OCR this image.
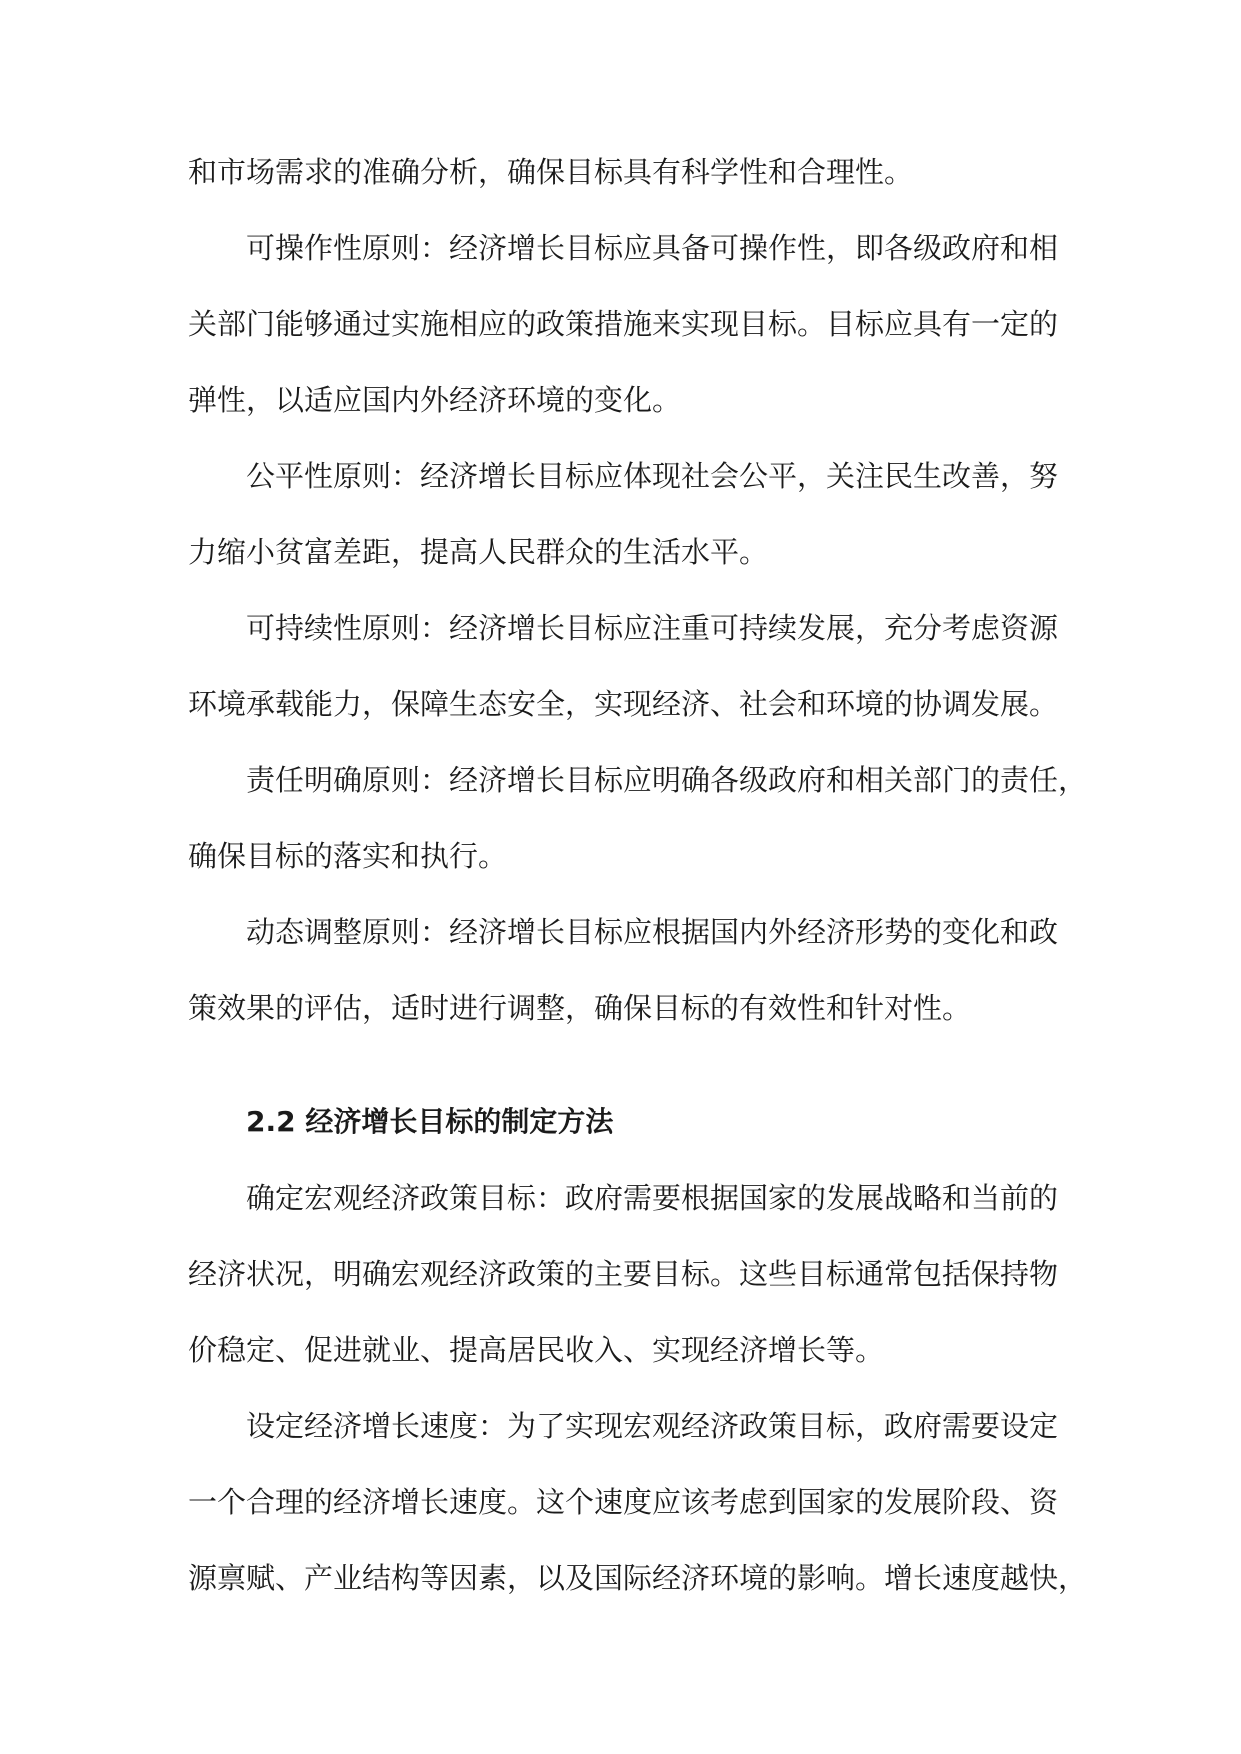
和市场需求的准确分析，确保目标具有科学性和合理性。
可操作性原则：经济增长目标应具备可操作性，即各级政府和相
关部门能够通过实施相应的政策措施来实现目标。目标应具有一定的
弹性，以适应国内外经济环境的变化。
公平性原则：经济增长目标应体现社会公平，关注民生改善，努
力缩小贫富差距，提高人民群众的生活水平。
可持续性原则：经济增长目标应注重可持续发展，充分考虑资源
环境承载能力，保障生态安全，实现经济、社会和环境的协调发展。
责任明确原则：经济增长目标应明确各级政府和相关部门的责任，
确保目标的落实和执行。
动态调整原则：经济增长目标应根据国内外经济形势的变化和政
策效果的评估，适时进行调整，确保目标的有效性和针对性。
2.2 经济增长目标的制定方法
确定宏观经济政策目标：政府需要根据国家的发展战略和当前的
经济状况，明确宏观经济政策的主要目标。这些目标通常包括保持物
价稳定、促进就业、提高居民收入、实现经济增长等。
设定经济增长速度：为了实现宏观经济政策目标，政府需要设定
一个合理的经济增长速度。这个速度应该考虑到国家的发展阶段、资
源禀赋、产业结构等因素，以及国际经济环境的影响。增长速度越快，
